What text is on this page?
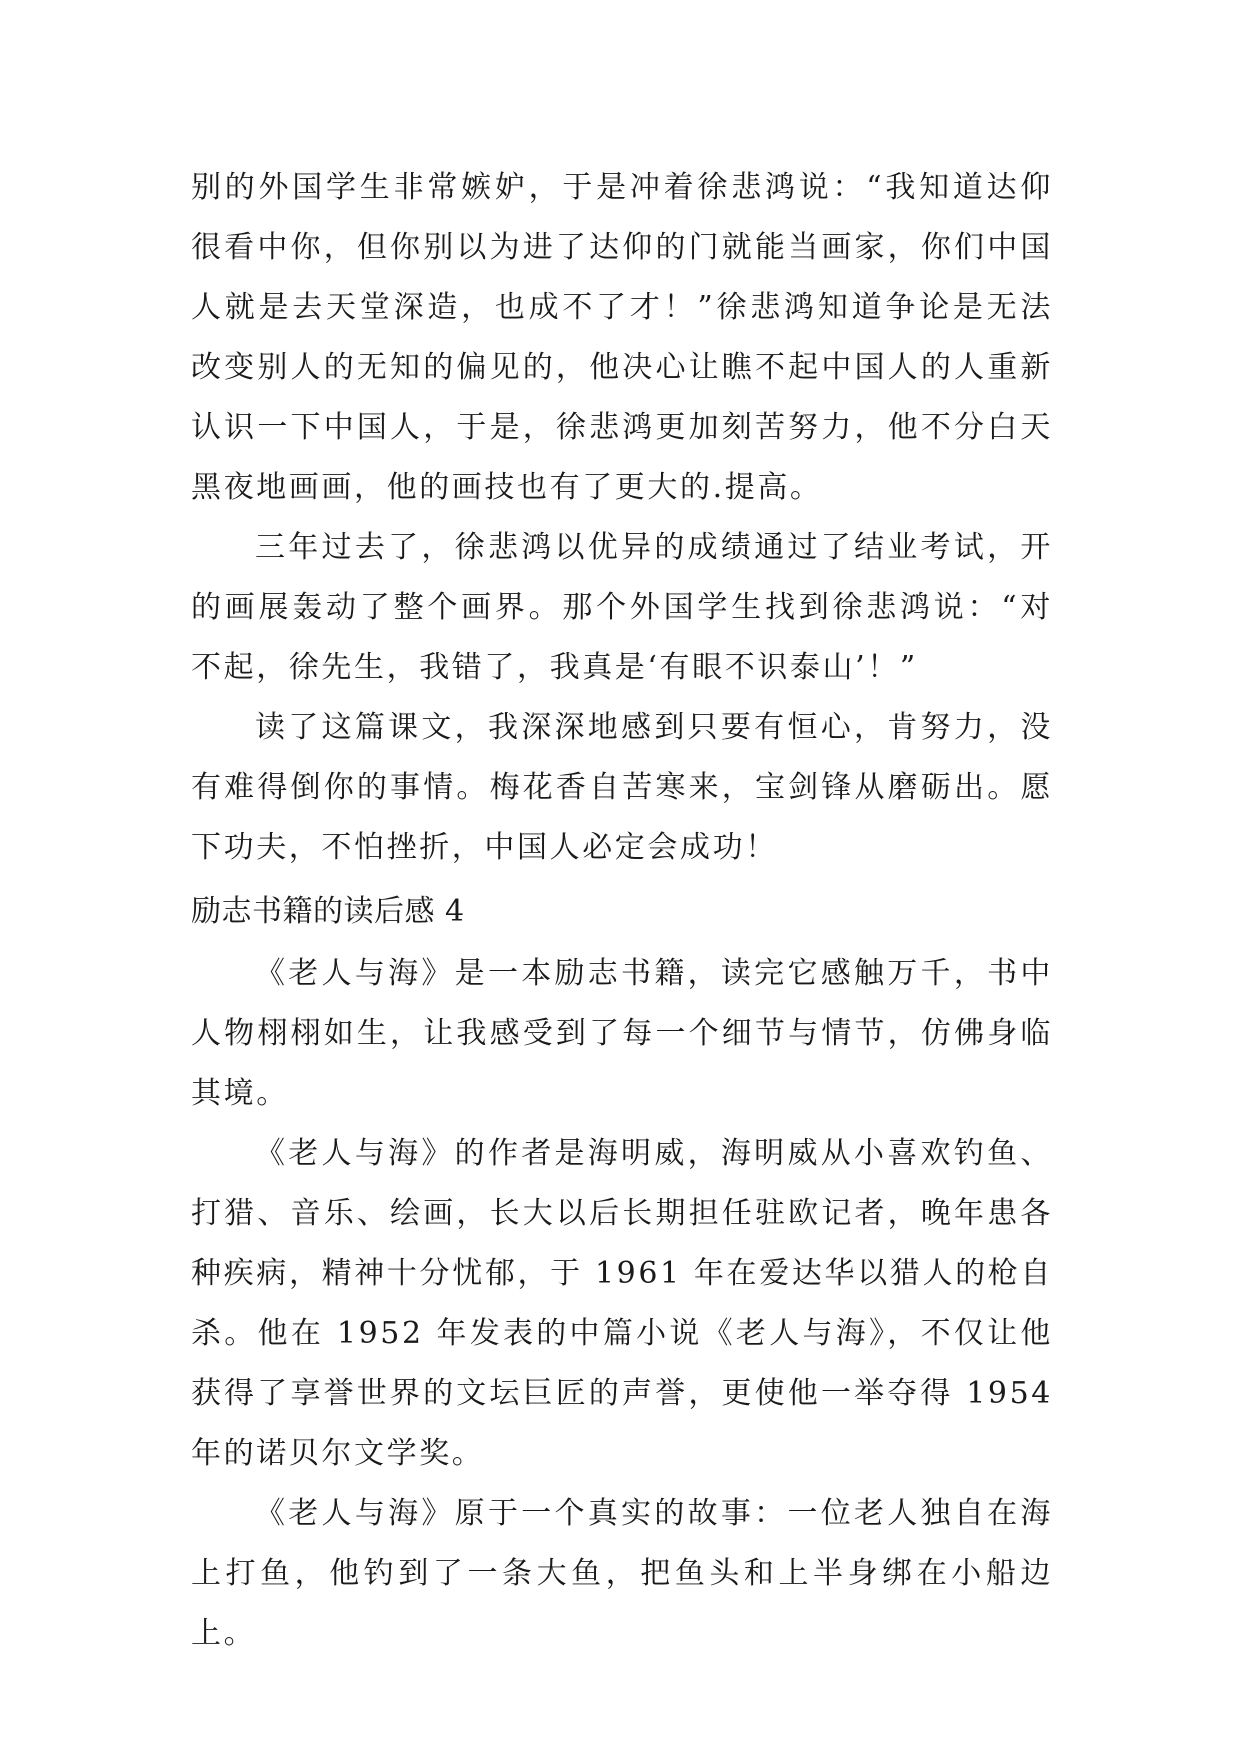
别的外国学生非常嫉妒，于是冲着徐悲鸿说：“我知道达仰很看中你，但你别以为进了达仰的门就能当画家，你们中国人就是去天堂深造，也成不了才！”徐悲鸿知道争论是无法改变别人的无知的偏见的，他决心让瞧不起中国人的人重新认识一下中国人，于是，徐悲鸿更加刻苦努力，他不分白天黑夜地画画，他的画技也有了更大的.提高。

三年过去了，徐悲鸿以优异的成绩通过了结业考试，开的画展轰动了整个画界。那个外国学生找到徐悲鸿说：“对不起，徐先生，我错了，我真是‘有眼不识泰山’！”

读了这篇课文，我深深地感到只要有恒心，肯努力，没有难得倒你的事情。梅花香自苦寒来，宝剑锋从磨砺出。愿下功夫，不怕挫折，中国人必定会成功！

励志书籍的读后感 4

《老人与海》是一本励志书籍，读完它感触万千，书中人物栩栩如生，让我感受到了每一个细节与情节，仿佛身临其境。

《老人与海》的作者是海明威，海明威从小喜欢钓鱼、打猎、音乐、绘画，长大以后长期担任驻欧记者，晚年患各种疾病，精神十分忧郁，于 1961 年在爱达华以猎人的枪自杀。他在 1952 年发表的中篇小说《老人与海》，不仅让他获得了享誉世界的文坛巨匠的声誉，更使他一举夺得 1954 年的诺贝尔文学奖。

《老人与海》原于一个真实的故事：一位老人独自在海上打鱼，他钓到了一条大鱼，把鱼头和上半身绑在小船边上。
